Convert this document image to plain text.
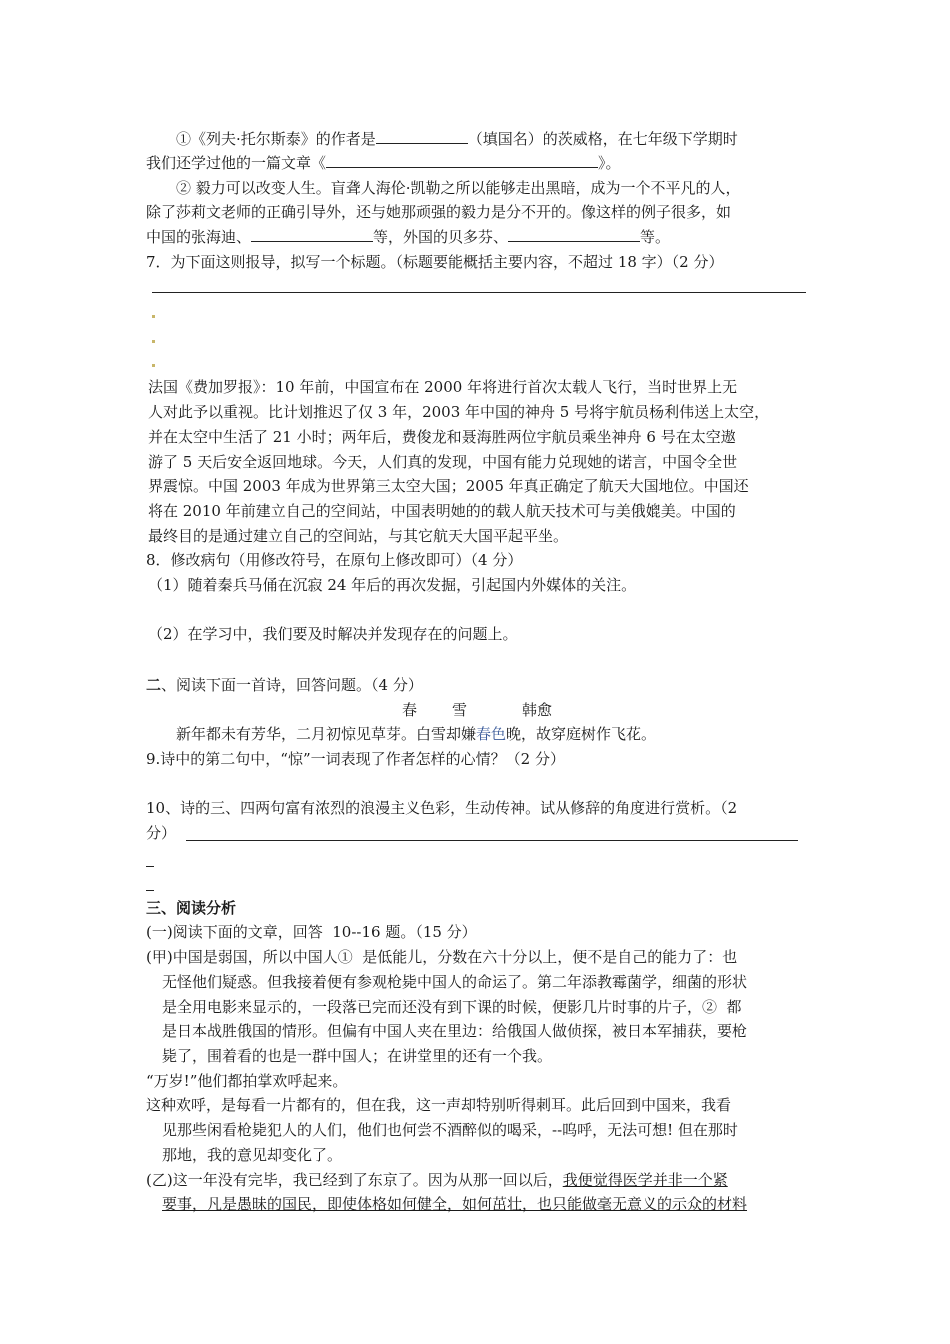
①《列夫·托尔斯泰》的作者是	（填国名）的茨威格，在七年级下学期时
我们还学过他的一篇文章《	》。
② 毅力可以改变人生。盲聋人海伦·凯勒之所以能够走出黑暗，成为一个不平凡的人，
除了莎莉文老师的正确引导外，还与她那顽强的毅力是分不开的。像这样的例子很多，如
中国的张海迪、	等，外国的贝多芬、	等。
7．为下面这则报导，拟写一个标题。（标题要能概括主要内容，不超过 18 字）（2 分）
法国《费加罗报》：10 年前，中国宣布在 2000 年将进行首次太载人飞行，当时世界上无
人对此予以重视。比计划推迟了仅 3 年，2003 年中国的神舟 5 号将宇航员杨利伟送上太空，
并在太空中生活了 21 小时；两年后，费俊龙和聂海胜两位宇航员乘坐神舟 6 号在太空遨
游了 5 天后安全返回地球。今天，人们真的发现，中国有能力兑现她的诺言，中国令全世
界震惊。中国 2003 年成为世界第三太空大国；2005 年真正确定了航天大国地位。中国还
将在 2010 年前建立自己的空间站，中国表明她的的载人航天技术可与美俄媲美。中国的
最终目的是通过建立自己的空间站，与其它航天大国平起平坐。
8．修改病句（用修改符号，在原句上修改即可）（4 分）
（1）随着秦兵马俑在沉寂 24 年后的再次发掘，引起国内外媒体的关注。
（2）在学习中，我们要及时解决并发现存在的问题上。
二、阅读下面一首诗，回答问题。（4 分）
春 雪	韩愈
新年都未有芳华，二月初惊见草芽。白雪却嫌春色晚，故穿庭树作飞花。
9.诗中的第二句中，“惊”一词表现了作者怎样的心情？（2 分）
10、诗的三、四两句富有浓烈的浪漫主义色彩，生动传神。试从修辞的角度进行赏析。（2
分）
三、阅读分析
(一)阅读下面的文章，回答  10--16 题。（15 分）
(甲)中国是弱国，所以中国人①  是低能儿，分数在六十分以上，便不是自己的能力了：也
无怪他们疑惑。但我接着便有参观枪毙中国人的命运了。第二年添教霉菌学，细菌的形状
是全用电影来显示的，一段落已完而还没有到下课的时候，便影几片时事的片子，②  都
是日本战胜俄国的情形。但偏有中国人夹在里边：给俄国人做侦探，被日本军捕获，要枪
毙了，围着看的也是一群中国人；在讲堂里的还有一个我。
“万岁!”他们都拍掌欢呼起来。
这种欢呼，是每看一片都有的，但在我，这一声却特别听得刺耳。此后回到中国来，我看
见那些闲看枪毙犯人的人们，他们也何尝不酒醉似的喝采，--呜呼，无法可想! 但在那时
那地，我的意见却变化了。
(乙)这一年没有完毕，我已经到了东京了。因为从那一回以后，我便觉得医学并非一个紧
要事，凡是愚昧的国民，即使体格如何健全，如何茁壮，也只能做毫无意义的示众的材料
